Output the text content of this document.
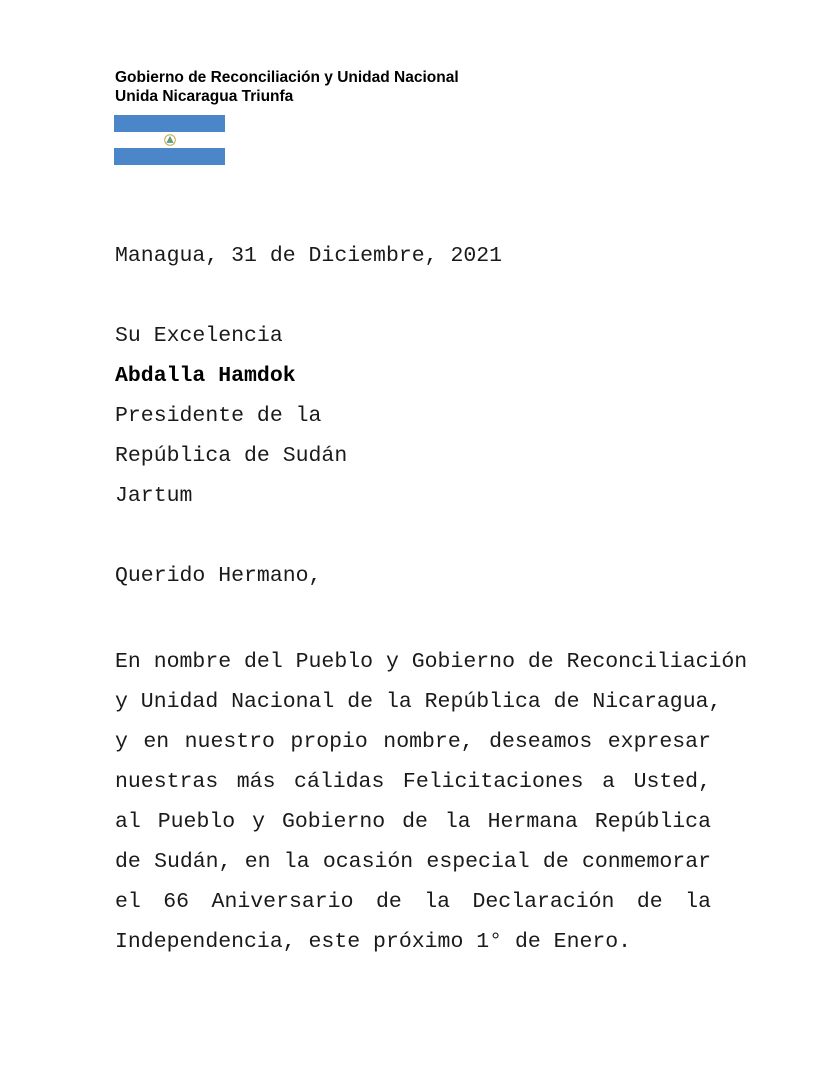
Gobierno de Reconciliación y Unidad Nacional
Unida Nicaragua Triunfa
Managua, 31 de Diciembre, 2021
Su Excelencia
Abdalla Hamdok
Presidente de la
República de Sudán
Jartum
Querido Hermano,
En nombre del Pueblo y Gobierno de Reconciliación
y Unidad Nacional de la República de Nicaragua,
y en nuestro propio nombre, deseamos expresar
nuestras más cálidas Felicitaciones a Usted,
al Pueblo y Gobierno de la Hermana República
de Sudán, en la ocasión especial de conmemorar
el 66 Aniversario de la Declaración de la
Independencia, este próximo 1° de Enero.
